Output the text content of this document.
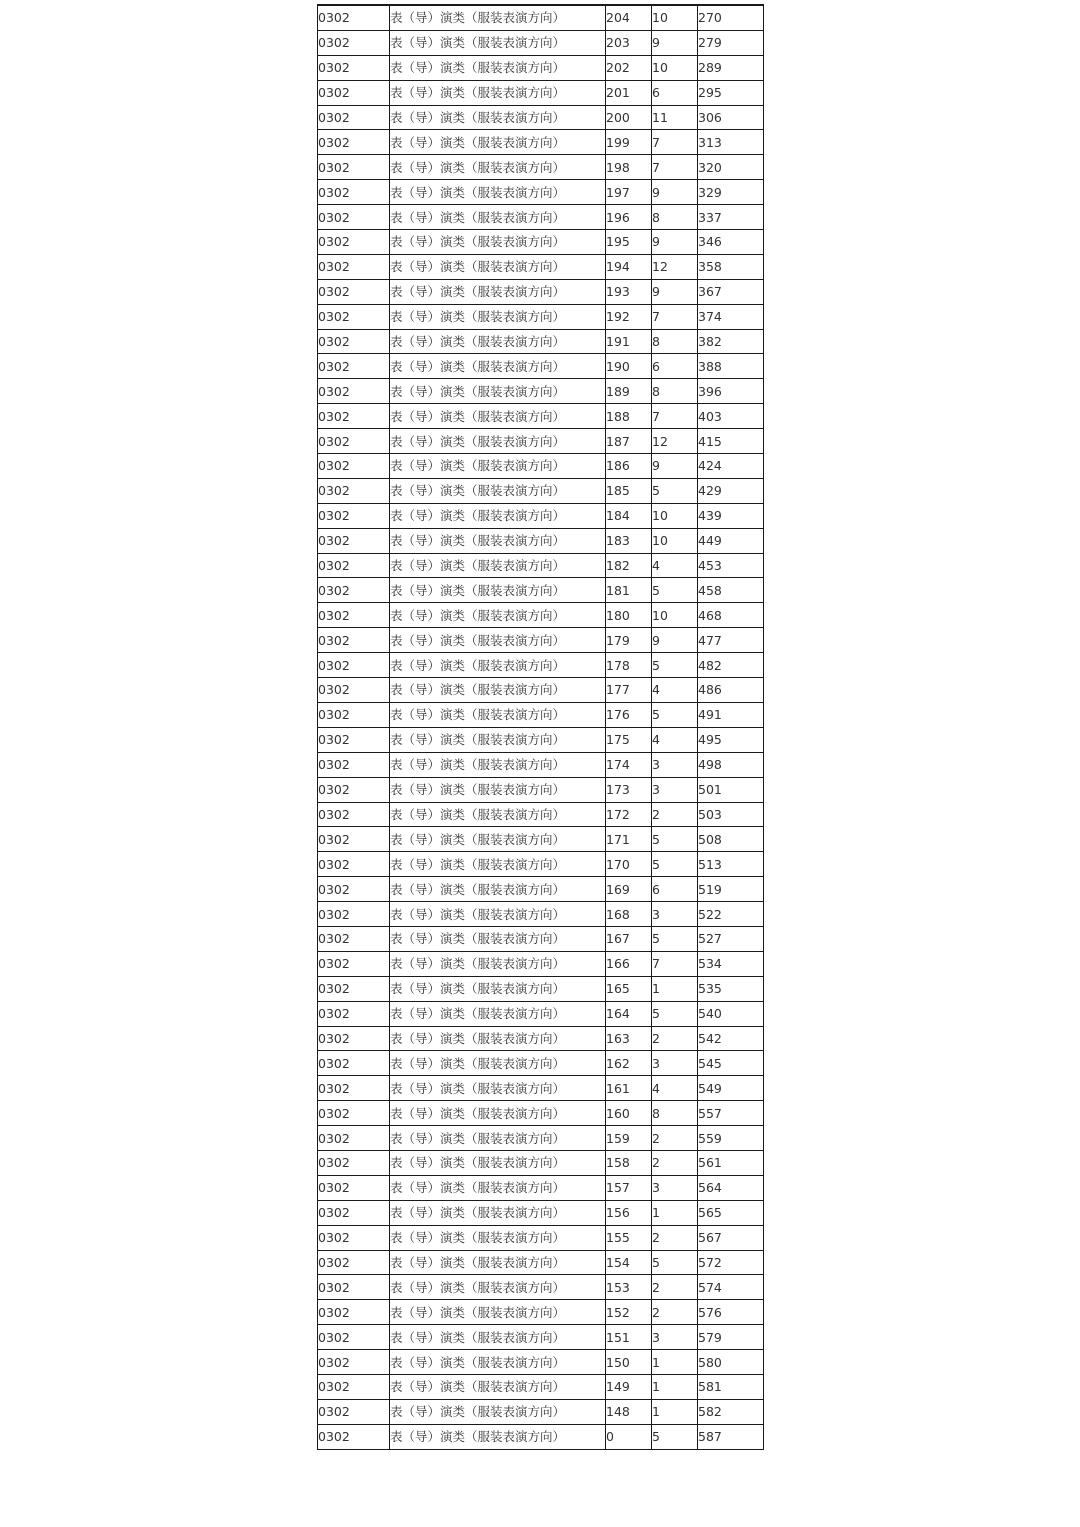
0302	表（导）演类（服装表演方向）	204	10	270
0302	表（导）演类（服装表演方向）	203	9	279
0302	表（导）演类（服装表演方向）	202	10	289
0302	表（导）演类（服装表演方向）	201	6	295
0302	表（导）演类（服装表演方向）	200	11	306
0302	表（导）演类（服装表演方向）	199	7	313
0302	表（导）演类（服装表演方向）	198	7	320
0302	表（导）演类（服装表演方向）	197	9	329
0302	表（导）演类（服装表演方向）	196	8	337
0302	表（导）演类（服装表演方向）	195	9	346
0302	表（导）演类（服装表演方向）	194	12	358
0302	表（导）演类（服装表演方向）	193	9	367
0302	表（导）演类（服装表演方向）	192	7	374
0302	表（导）演类（服装表演方向）	191	8	382
0302	表（导）演类（服装表演方向）	190	6	388
0302	表（导）演类（服装表演方向）	189	8	396
0302	表（导）演类（服装表演方向）	188	7	403
0302	表（导）演类（服装表演方向）	187	12	415
0302	表（导）演类（服装表演方向）	186	9	424
0302	表（导）演类（服装表演方向）	185	5	429
0302	表（导）演类（服装表演方向）	184	10	439
0302	表（导）演类（服装表演方向）	183	10	449
0302	表（导）演类（服装表演方向）	182	4	453
0302	表（导）演类（服装表演方向）	181	5	458
0302	表（导）演类（服装表演方向）	180	10	468
0302	表（导）演类（服装表演方向）	179	9	477
0302	表（导）演类（服装表演方向）	178	5	482
0302	表（导）演类（服装表演方向）	177	4	486
0302	表（导）演类（服装表演方向）	176	5	491
0302	表（导）演类（服装表演方向）	175	4	495
0302	表（导）演类（服装表演方向）	174	3	498
0302	表（导）演类（服装表演方向）	173	3	501
0302	表（导）演类（服装表演方向）	172	2	503
0302	表（导）演类（服装表演方向）	171	5	508
0302	表（导）演类（服装表演方向）	170	5	513
0302	表（导）演类（服装表演方向）	169	6	519
0302	表（导）演类（服装表演方向）	168	3	522
0302	表（导）演类（服装表演方向）	167	5	527
0302	表（导）演类（服装表演方向）	166	7	534
0302	表（导）演类（服装表演方向）	165	1	535
0302	表（导）演类（服装表演方向）	164	5	540
0302	表（导）演类（服装表演方向）	163	2	542
0302	表（导）演类（服装表演方向）	162	3	545
0302	表（导）演类（服装表演方向）	161	4	549
0302	表（导）演类（服装表演方向）	160	8	557
0302	表（导）演类（服装表演方向）	159	2	559
0302	表（导）演类（服装表演方向）	158	2	561
0302	表（导）演类（服装表演方向）	157	3	564
0302	表（导）演类（服装表演方向）	156	1	565
0302	表（导）演类（服装表演方向）	155	2	567
0302	表（导）演类（服装表演方向）	154	5	572
0302	表（导）演类（服装表演方向）	153	2	574
0302	表（导）演类（服装表演方向）	152	2	576
0302	表（导）演类（服装表演方向）	151	3	579
0302	表（导）演类（服装表演方向）	150	1	580
0302	表（导）演类（服装表演方向）	149	1	581
0302	表（导）演类（服装表演方向）	148	1	582
0302	表（导）演类（服装表演方向）	0	5	587
